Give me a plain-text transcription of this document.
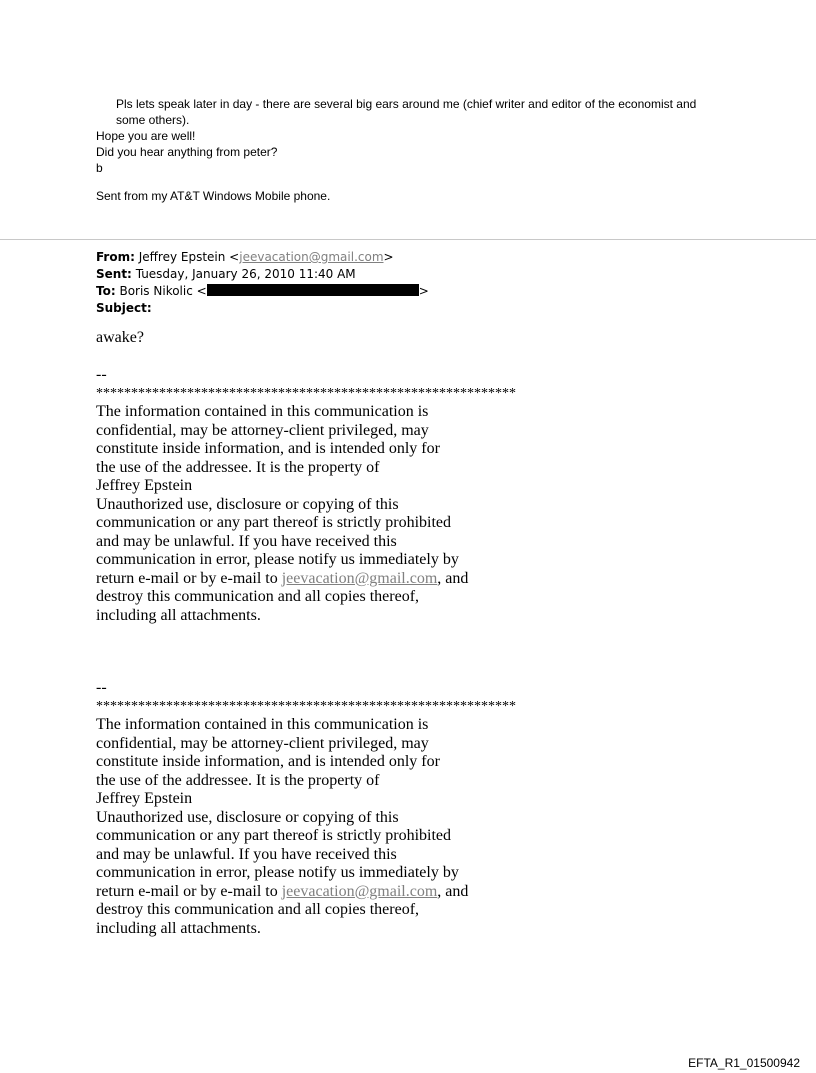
Pls lets speak later in day - there are several big ears around me (chief writer and editor of the economist and some others).
Hope you are well!
Did you hear anything from peter?
b
Sent from my AT&T Windows Mobile phone.
From: Jeffrey Epstein <jeevacation@gmail.com>
Sent: Tuesday, January 26, 2010 11:40 AM
To: Boris Nikolic <	>
Subject:
awake?
--
************************************************************
The information contained in this communication is
confidential, may be attorney-client privileged, may
constitute inside information, and is intended only for
the use of the addressee. It is the property of
Jeffrey Epstein
Unauthorized use, disclosure or copying of this
communication or any part thereof is strictly prohibited
and may be unlawful. If you have received this
communication in error, please notify us immediately by
return e-mail or by e-mail to jeevacation@gmail.com, and
destroy this communication and all copies thereof,
including all attachments.
--
************************************************************
The information contained in this communication is
confidential, may be attorney-client privileged, may
constitute inside information, and is intended only for
the use of the addressee. It is the property of
Jeffrey Epstein
Unauthorized use, disclosure or copying of this
communication or any part thereof is strictly prohibited
and may be unlawful. If you have received this
communication in error, please notify us immediately by
return e-mail or by e-mail to jeevacation@gmail.com, and
destroy this communication and all copies thereof,
including all attachments.
EFTA_R1_01500942
